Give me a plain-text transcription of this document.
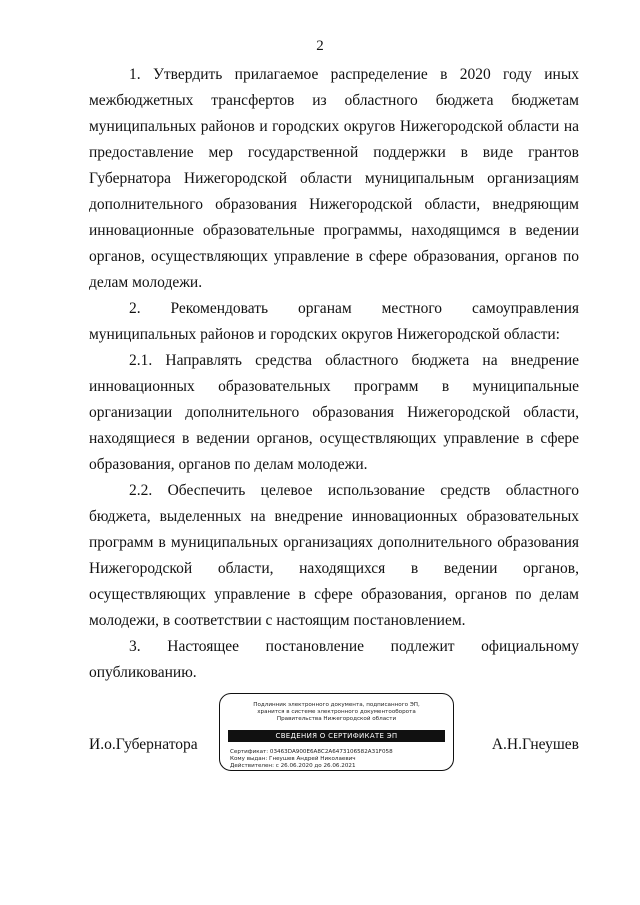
2

1. Утвердить прилагаемое распределение в 2020 году иных межбюджетных трансфертов из областного бюджета бюджетам муниципальных районов и городских округов Нижегородской области на предоставление мер государственной поддержки в виде грантов Губернатора Нижегородской области муниципальным организациям дополнительного образования Нижегородской области, внедряющим инновационные образовательные программы, находящимся в ведении органов, осуществляющих управление в сфере образования, органов по делам молодежи.

2. Рекомендовать органам местного самоуправления муниципальных районов и городских округов Нижегородской области:

2.1. Направлять средства областного бюджета на внедрение инновационных образовательных программ в муниципальные организации дополнительного образования Нижегородской области, находящиеся в ведении органов, осуществляющих управление в сфере образования, органов по делам молодежи.

2.2. Обеспечить целевое использование средств областного бюджета, выделенных на внедрение инновационных образовательных программ в муниципальных организациях дополнительного образования Нижегородской области, находящихся в ведении органов, осуществляющих управление в сфере образования, органов по делам молодежи, в соответствии с настоящим постановлением.

3. Настоящее постановление подлежит официальному опубликованию.

И.о.Губернатора
Подлинник электронного документа, подписанного ЭП,
хранится в системе электронного документооборота
Правительства Нижегородской области
СВЕДЕНИЯ О СЕРТИФИКАТЕ ЭП
Сертификат: 03463DA900E6A8C2A6473106582A31F058
Кому выдан: Гнеушев Андрей Николаевич
Действителен: с 26.06.2020 до 26.06.2021
А.Н.Гнеушев
